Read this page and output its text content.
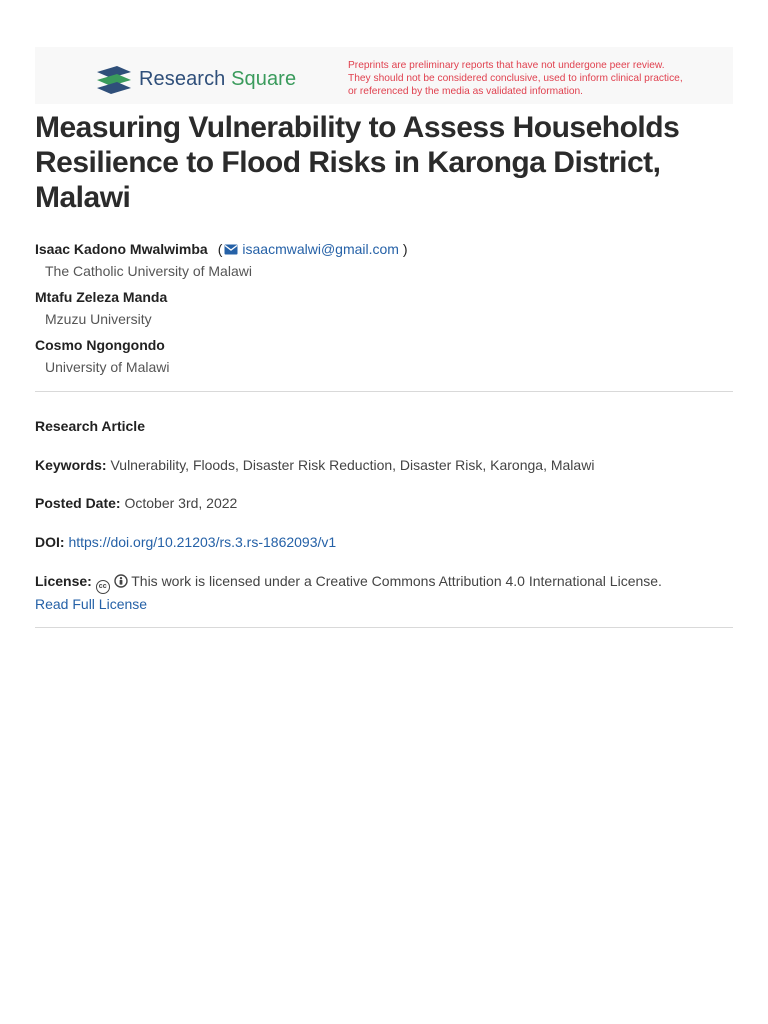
Research Square
Preprints are preliminary reports that have not undergone peer review.
They should not be considered conclusive, used to inform clinical practice,
or referenced by the media as validated information.
Measuring Vulnerability to Assess Households
Resilience to Flood Risks in Karonga District,
Malawi
Isaac Kadono Mwalwimba ( isaacmwalwi@gmail.com )
The Catholic University of Malawi
Mtafu Zeleza Manda
Mzuzu University
Cosmo Ngongondo
University of Malawi
Research Article
Keywords: Vulnerability, Floods, Disaster Risk Reduction, Disaster Risk, Karonga, Malawi
Posted Date: October 3rd, 2022
DOI: https://doi.org/10.21203/rs.3.rs-1862093/v1
License: cc This work is licensed under a Creative Commons Attribution 4.0 International License.
Read Full License
